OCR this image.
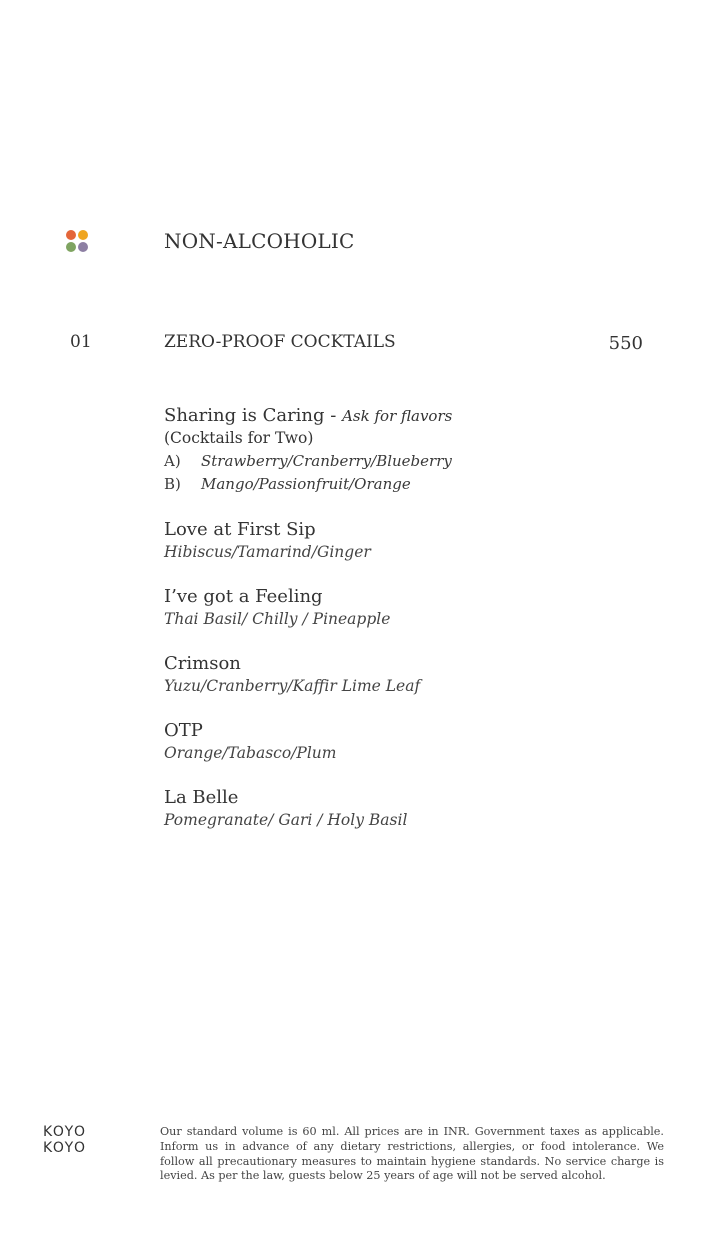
NON-ALCOHOLIC
01	ZERO-PROOF COCKTAILS	550
Sharing is Caring - Ask for flavors
(Cocktails for Two)
A)	Strawberry/Cranberry/Blueberry
B)	Mango/Passionfruit/Orange
Love at First Sip
Hibiscus/Tamarind/Ginger
I’ve got a Feeling
Thai Basil/ Chilly / Pineapple
Crimson
Yuzu/Cranberry/Kaffir Lime Leaf
OTP
Orange/Tabasco/Plum
La Belle
Pomegranate/ Gari / Holy Basil
KOYO
KOYO
Our standard volume is 60 ml. All prices are in INR. Government taxes as applicable. Inform us in advance of any dietary restrictions, allergies, or food intolerance. We follow all precautionary measures to maintain hygiene standards. No service charge is levied. As per the law, guests below 25 years of age will not be served alcohol.
